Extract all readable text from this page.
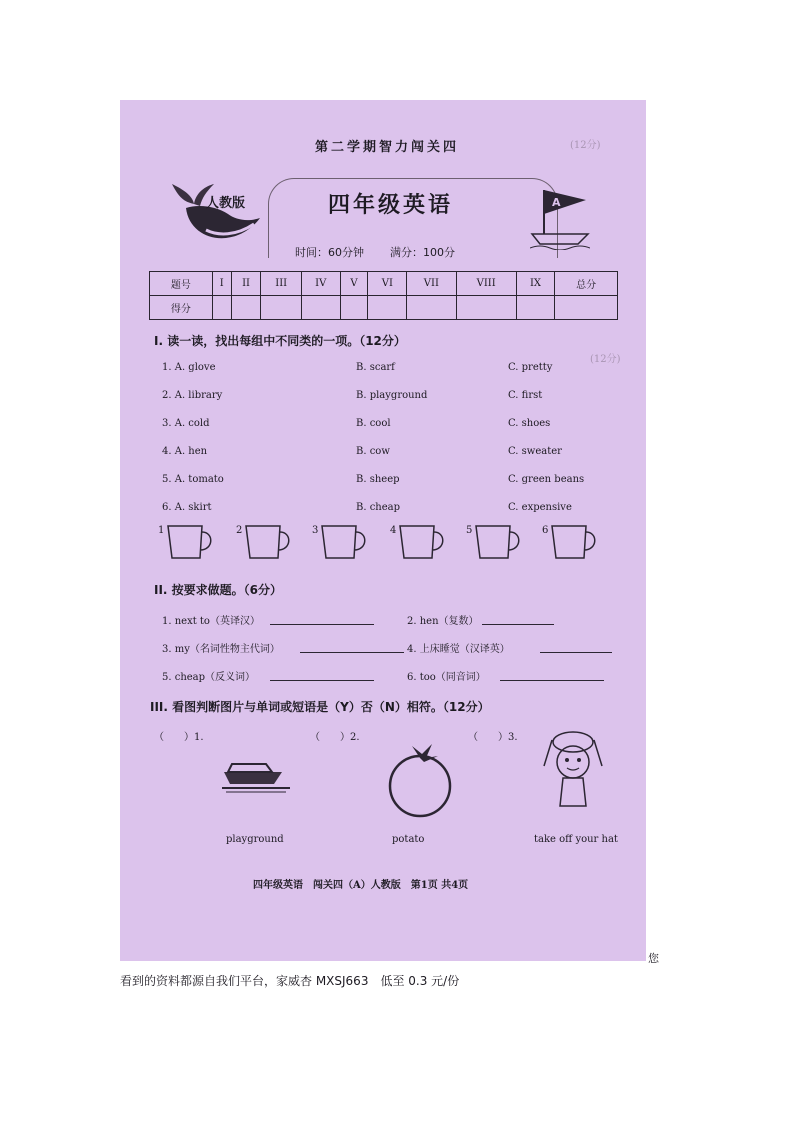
第二学期智力闯关四	(12分)
(12分)
人教版	四年级英语
时间：60分钟 满分：100分
A
题号	I	II	III	IV	V	VI	VII	VIII	IX	总分
得分										
I. 读一读，找出每组中不同类的一项。（12分）
1. A. glove	B. scarf	C. pretty
2. A. library	B. playground	C. first
3. A. cold	B. cool	C. shoes
4. A. hen	B. cow	C. sweater
5. A. tomato	B. sheep	C. green beans
6. A. skirt	B. cheap	C. expensive
1	2	3	4	5	6
II. 按要求做题。（6分）
1. next to（英译汉）	2. hen（复数）
3. my（名词性物主代词）	4. 上床睡觉（汉译英）
5. cheap（反义词）	6. too（同音词）
III. 看图判断图片与单词或短语是（Y）否（N）相符。（12分）
（　　）1.	（　　）2.	（　　）3.
playground	potato	take off your hat
四年级英语　闯关四（A）人教版　第1页 共4页
您
看到的资料都源自我们平台，家威杏 MXSJ663　低至 0.3 元/份
